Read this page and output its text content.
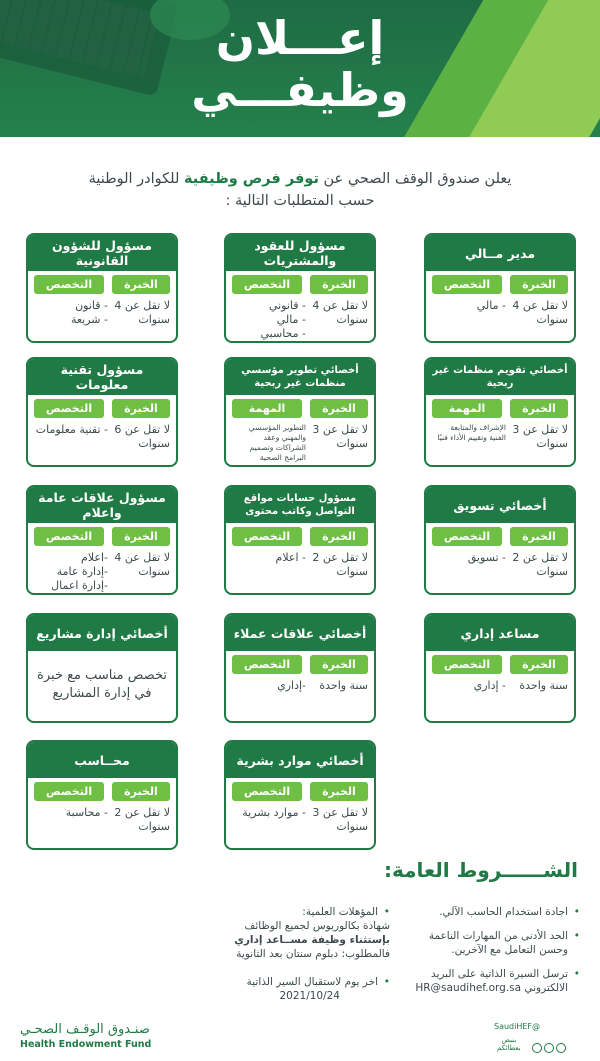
إعـــلان
وظيفـــي
يعلن صندوق الوقف الصحي عن توفر فرص وظيفية للكوادر الوطنية حسب المتطلبات التالية :
مدير مــالي
الخبرة
التخصص
لا تقل عن 4 سنوات
- مالي
مسؤول للعقود والمشتريات
الخبرة
التخصص
لا تقل عن 4 سنوات
- قانوني
- مالي
- محاسبي
مسؤول للشؤون القانونية
الخبرة
التخصص
لا تقل عن 4 سنوات
- قانون
- شريعة
أخصائي تقويم منظمات غير ربحية
الخبرة
المهمة
لا تقل عن 3 سنوات
الإشراف والمتابعة الفنية وتقييم الأداء فنيًا
أخصائي تطوير مؤسسي منظمات غير ربحية
الخبرة
المهمة
لا تقل عن 3 سنوات
التطوير المؤسسي والمهني وعقد الشراكات وتصميم البرامج الصحية
مسؤول تقنية معلومات
الخبرة
التخصص
لا تقل عن 6 سنوات
- تقنية معلومات
أخصائي تسويق
الخبرة
التخصص
لا تقل عن 2 سنوات
- تسويق
مسؤول حسابات مواقع التواصل وكاتب محتوى
الخبرة
التخصص
لا تقل عن 2 سنوات
- اعلام
مسؤول علاقات عامة واعلام
الخبرة
التخصص
لا تقل عن 4 سنوات
-اعلام
-إدارة عامة
-إدارة اعمال
مساعد إداري
الخبرة
التخصص
سنة واحدة
- إداري
أخصائي علاقات عملاء
الخبرة
التخصص
سنة واحدة
-إداري
أخصائي إدارة مشاريع
تخصص مناسب مع خبرة في إدارة المشاريع
أخصائي موارد بشرية
الخبرة
التخصص
لا تقل عن 3 سنوات
- موارد بشرية
محــاسب
الخبرة
التخصص
لا تقل عن 2 سنوات
- محاسبة
الشــــــروط العامة:
• اجادة استخدام الحاسب الآلي.
• الحد الأدنى من المهارات الناعمة وحسن التعامل مع الآخرين.
• ترسل السيرة الذاتية على البريد الالكتروني HR@saudihef.org.sa
• المؤهلات العلمية:
شهادة بكالوريوس لجميع الوظائف
بإستثناء وظيفة مســاعد إداري
فالمطلوب: دبلوم سنتان بعد الثانوية
• اخر يوم لاستقبال السير الذاتية
2021/10/24
صنـدوق الوقـف الصحـي
Health Endowment Fund
@SaudiHEF
بنبض
بعطائكم
